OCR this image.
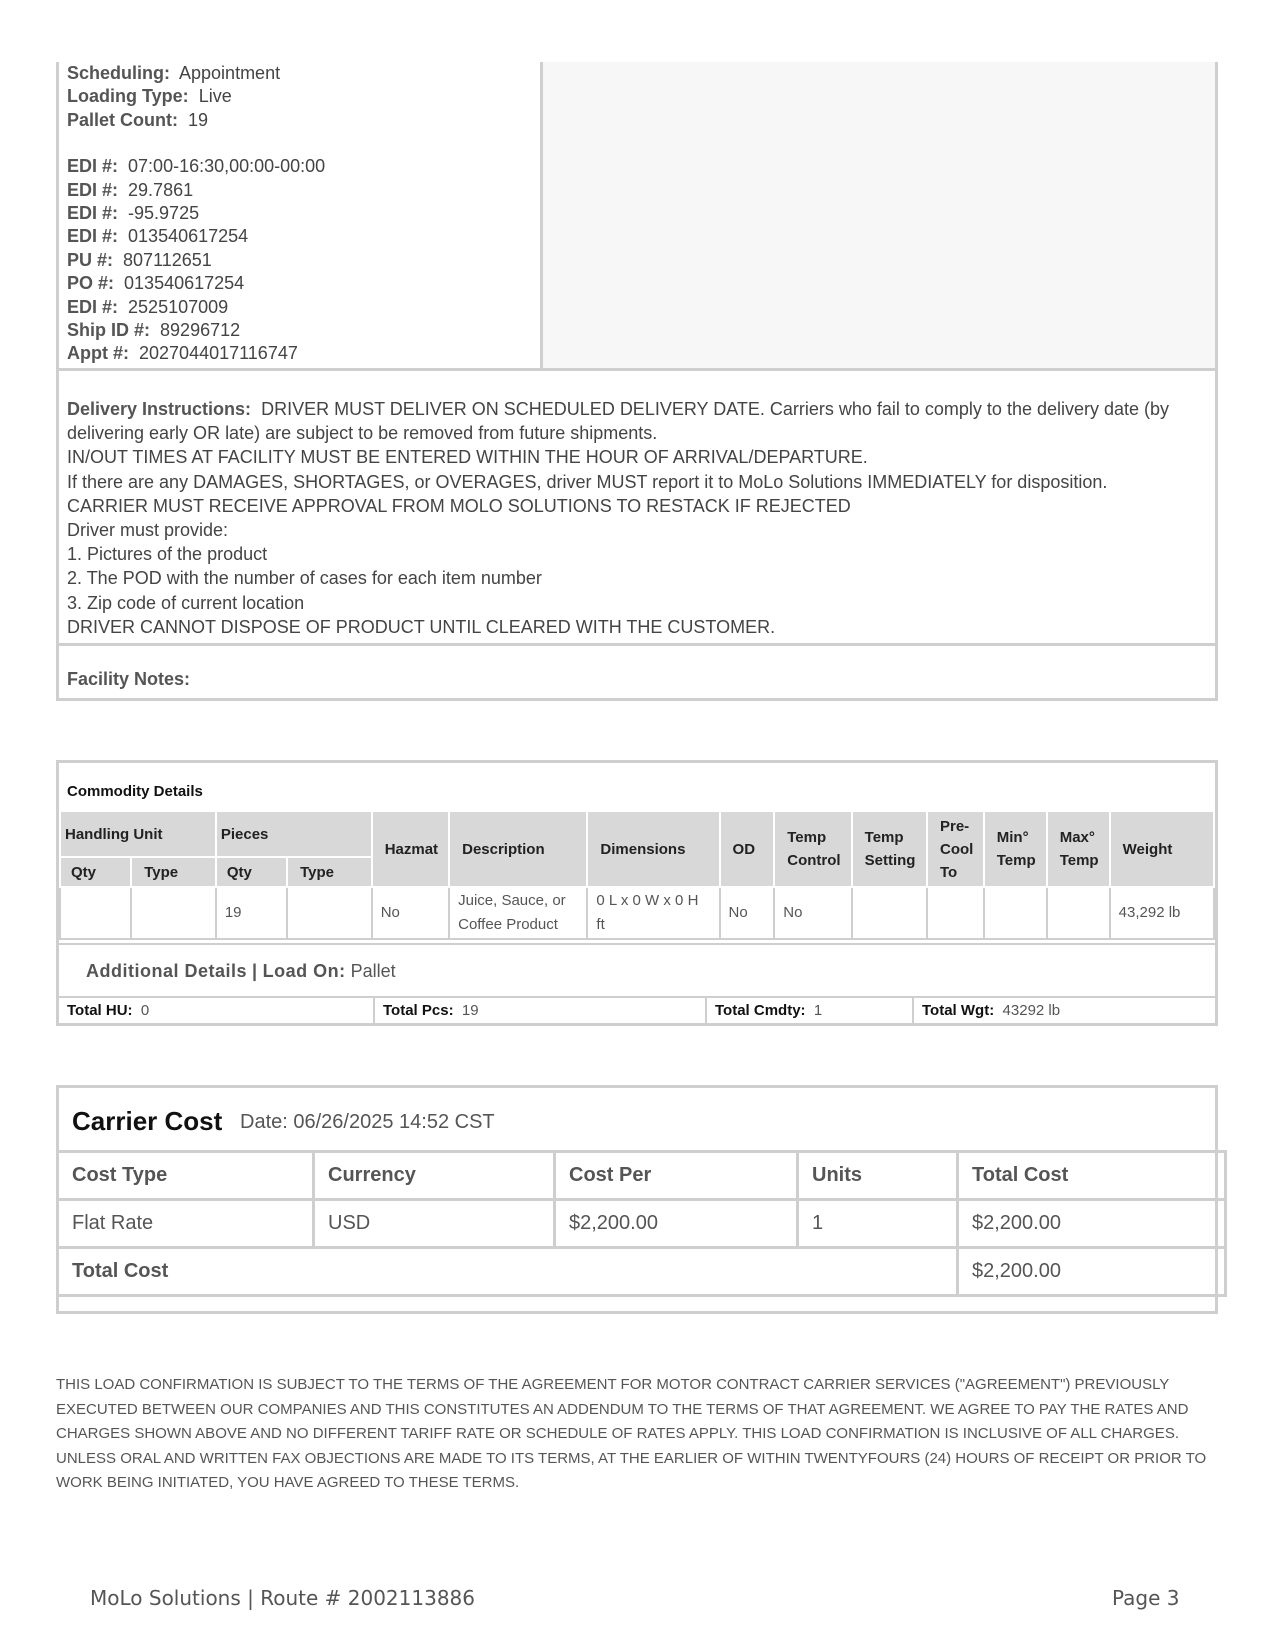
Scheduling: Appointment
Loading Type: Live
Pallet Count: 19
EDI #: 07:00-16:30,00:00-00:00
EDI #: 29.7861
EDI #: -95.9725
EDI #: 013540617254
PU #: 807112651
PO #: 013540617254
EDI #: 2525107009
Ship ID #: 89296712
Appt #: 2027044017116747
Delivery Instructions: DRIVER MUST DELIVER ON SCHEDULED DELIVERY DATE. Carriers who fail to comply to the delivery date (by delivering early OR late) are subject to be removed from future shipments.
IN/OUT TIMES AT FACILITY MUST BE ENTERED WITHIN THE HOUR OF ARRIVAL/DEPARTURE.
If there are any DAMAGES, SHORTAGES, or OVERAGES, driver MUST report it to MoLo Solutions IMMEDIATELY for disposition.
CARRIER MUST RECEIVE APPROVAL FROM MOLO SOLUTIONS TO RESTACK IF REJECTED
Driver must provide:
1. Pictures of the product
2. The POD with the number of cases for each item number
3. Zip code of current location
DRIVER CANNOT DISPOSE OF PRODUCT UNTIL CLEARED WITH THE CUSTOMER.
Facility Notes:
Commodity Details
Handling Unit		Pieces		Hazmat	Description	Dimensions	OD	Temp Control	Temp Setting	Pre-Cool To	Min° Temp	Max° Temp	Weight
Qty	Type	Qty	Type										
		19		No	Juice, Sauce, or Coffee Product	0 L x 0 W x 0 H ft	No	No					43,292 lb
Additional Details | Load On: Pallet
Total HU: 0	Total Pcs: 19	Total Cmdty: 1	Total Wgt: 43292 lb
Carrier Cost Date: 06/26/2025 14:52 CST
Cost Type	Currency	Cost Per	Units	Total Cost
Flat Rate	USD	$2,200.00	1	$2,200.00
Total Cost				$2,200.00
THIS LOAD CONFIRMATION IS SUBJECT TO THE TERMS OF THE AGREEMENT FOR MOTOR CONTRACT CARRIER SERVICES ("AGREEMENT") PREVIOUSLY EXECUTED BETWEEN OUR COMPANIES AND THIS CONSTITUTES AN ADDENDUM TO THE TERMS OF THAT AGREEMENT. WE AGREE TO PAY THE RATES AND CHARGES SHOWN ABOVE AND NO DIFFERENT TARIFF RATE OR SCHEDULE OF RATES APPLY. THIS LOAD CONFIRMATION IS INCLUSIVE OF ALL CHARGES. UNLESS ORAL AND WRITTEN FAX OBJECTIONS ARE MADE TO ITS TERMS, AT THE EARLIER OF WITHIN TWENTYFOURS (24) HOURS OF RECEIPT OR PRIOR TO WORK BEING INITIATED, YOU HAVE AGREED TO THESE TERMS.
MoLo Solutions | Route # 2002113886	Page 3
